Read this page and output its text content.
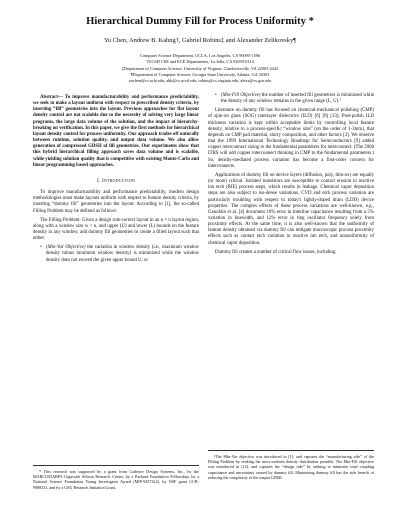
Hierarchical Dummy Fill for Process Uniformity *
Yu Chen, Andrew B. Kahng†, Gabriel Robins‡ and Alexander Zelikovsky¶
Computer Science Department, UCLA, Los Angeles, CA 90095-1596
†UCSD CSE and ECE Departments, La Jolla, CA 92093-0114
‡Department of Computer Science, University of Virginia, Charlottesville, VA 22903-2442
¶Department of Computer Science, Georgia State University, Atlanta, GA 30303
yuchen@cs.ucla.edu, abk@cs.ucsd.edu, robins@cs.virginia.edu, alexz@cs.gsu.edu

Abstract— To improve manufacturability and performance predictability, we seek to make a layout uniform with respect to prescribed density criteria, by inserting “fill” geometries into the layout. Previous approaches for flat layout density control are not scalable due to the necessity of solving very large linear programs, the large data volume of the solution, and the impact of hierarchy-breaking on verification. In this paper, we give the first methods for hierarchical layout density control for process uniformity. Our approach trades off naturally between runtime, solution quality, and output data volume. We also allow generation of compressed GDSII of fill geometries. Our experiments show that this hybrid hierarchical filling approach saves data volume and is scalable, while yielding solution quality that is competitive with existing Monte-Carlo and linear programming based approaches.

I. Introduction

To improve manufacturability and performance predictability, modern design methodologies must make layouts uniform with respect to feature density criteria, by inserting “dummy fill” geometries into the layout. According to [1], the so-called Filling Problem may be defined as follows:

The Filling Problem: Given a design rule-correct layout in an n × n layout region, along with a window size w < n, and upper (U) and lower (L) bounds on the feature density in any window, add dummy fill geometries to create a filled layout such that either:

• (Min-Var Objective) the variation in window density (i.e., maximum window density minus minimum window density) is minimized while the window density does not exceed the given upper bound U; or
• (Min-Fill Objective) the number of inserted fill geometries is minimized while the density of any window remains in the given range (L, U).¹

Literature on dummy fill has focused on chemical-mechanical polishing (CMP) of spin-on glass (SOG) interlayer dielectrics (ILD) [6] [8] [13]. Post-polish ILD thickness variation is kept within acceptable limits by controlling local feature density, relative to a process-specific “window size” (on the order of 1-3mm), that depends on CMP pad material, slurry composition, and other factors [3]. We observe that the 1999 International Technology Roadmap for Semiconductors [9] added copper interconnect sizing to the fundamental parameters for interconnect. (The 2000 ITRS will add copper interconnect thinning in CMP to the fundamental parameters.) So, density-mediated process variation has become a first-order concern for interconnects.

Applications of dummy fill on device layers (diffusion, poly, thin-ox) are equally (or more) critical. Isolated transistors are susceptible to contact erosion in reactive ion etch (RIE) process steps, which results in leakage. Chemical vapor deposition steps are also subject to iso-dense variations. CVD and etch process variation are particularly troubling with respect to today's lightly-doped drain (LDD) device properties. The complex effects of these process variations are well-known, e.g., Ganofalo et al. [4] document 10% error in interline capacitance resulting from a 5% variation in linewidth, and 12% error in ring oscillator frequency solely from proximity effects. At the same time, it is also well-known that the uniformity of feature density obtained via dummy fill can mitigate macroscopic process proximity effects such as contact etch variation in reactive ion etch, and nonuniformity of chemical vapor deposition.

Dummy fill creates a number of critical flow issues, including:

* This research was supported by a grant from Cadence Design Systems, Inc., by the MARCO/DARPA Gigascale Silicon Research Center, by a Packard Foundation Fellowship, by a National Science Foundation Young Investigator Award (MIP-9457412), by NSF grant CCR-9988331, and by a GSU Research Initiation Grant.
¹The Min-Var objective was introduced in [1], and captures the “manufacturing side” of the Filling Problem by seeking the most uniform density distribution possible. The Min-Fill objective was introduced in [12], and captures the “design side” by seeking to minimize total coupling capacitance and uncertainty caused by dummy fill. Minimizing dummy fill has the side benefit of reducing the complexity of the output GDSII.
